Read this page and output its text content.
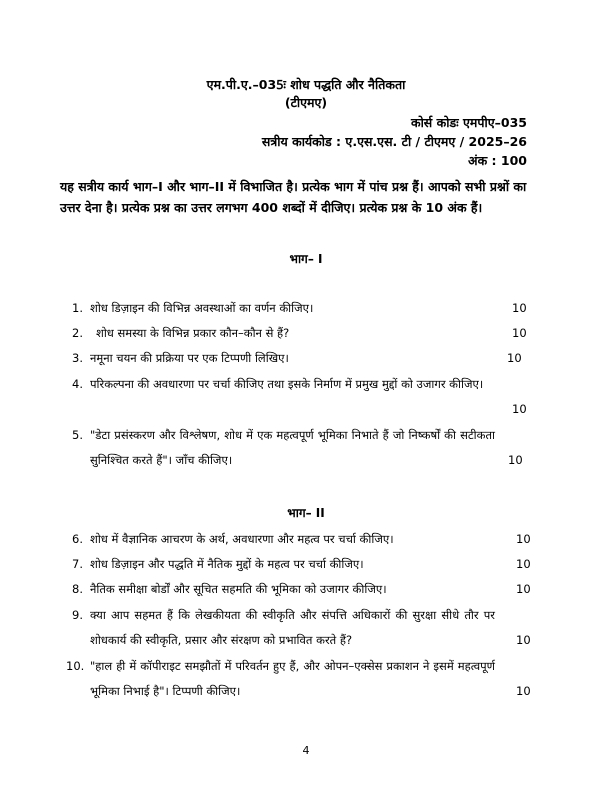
एम.पी.ए.–035ः शोध पद्धति और नैतिकता
(टीएमए)
कोर्स कोडः एमपीए–035
सत्रीय कार्यकोड : ए.एस.एस. टी / टीएमए / 2025–26
अंक : 100
यह सत्रीय कार्य भाग–I और भाग–II में विभाजित है। प्रत्येक भाग में पांच प्रश्न हैं। आपको सभी प्रश्नों का उत्तर देना है। प्रत्येक प्रश्न का उत्तर लगभग 400 शब्दों में दीजिए। प्रत्येक प्रश्न के 10 अंक हैं।
भाग– I
1. शोध डिज़ाइन की विभिन्न अवस्थाओं का वर्णन कीजिए।	10
2. शोध समस्या के विभिन्न प्रकार कौन–कौन से हैं?	10
3. नमूना चयन की प्रक्रिया पर एक टिप्पणी लिखिए।	10
4. परिकल्पना की अवधारणा पर चर्चा कीजिए तथा इसके निर्माण में प्रमुख मुद्दों को उजागर कीजिए।
10
5. "डेटा प्रसंस्करण और विश्लेषण, शोध में एक महत्वपूर्ण भूमिका निभाते हैं जो निष्कर्षों की सटीकता सुनिश्चित करते हैं"। जाँच कीजिए।	10
भाग– II
6. शोध में वैज्ञानिक आचरण के अर्थ, अवधारणा और महत्व पर चर्चा कीजिए।	10
7. शोध डिज़ाइन और पद्धति में नैतिक मुद्दों के महत्व पर चर्चा कीजिए।	10
8. नैतिक समीक्षा बोर्डों और सूचित सहमति की भूमिका को उजागर कीजिए।	10
9. क्या आप सहमत हैं कि लेखकीयता की स्वीकृति और संपत्ति अधिकारों की सुरक्षा सीधे तौर पर शोधकार्य की स्वीकृति, प्रसार और संरक्षण को प्रभावित करते हैं?	10
10. "हाल ही में कॉपीराइट समझौतों में परिवर्तन हुए हैं, और ओपन–एक्सेस प्रकाशन ने इसमें महत्वपूर्ण भूमिका निभाई है"। टिप्पणी कीजिए।	10
4
